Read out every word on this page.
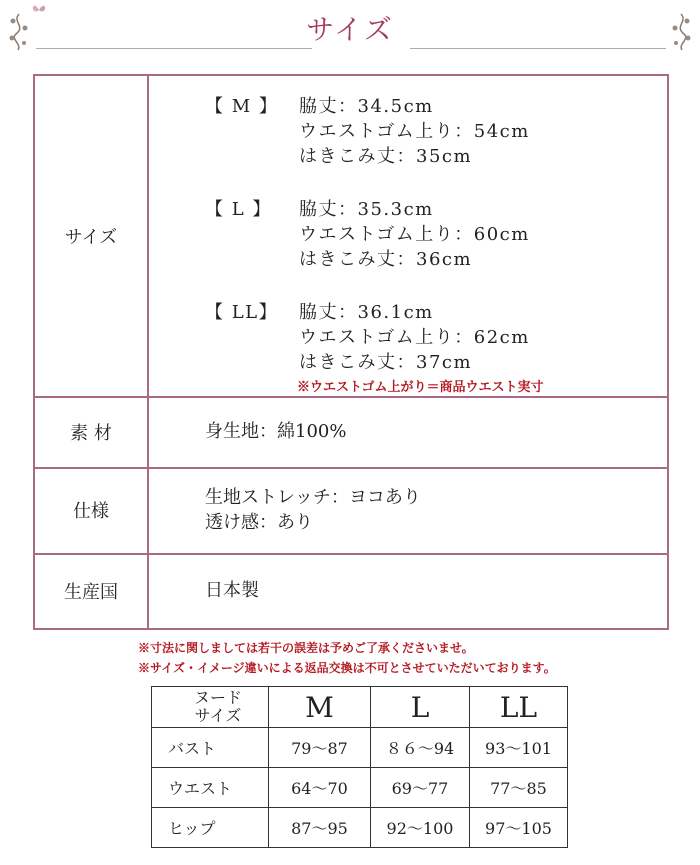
サイズ
サイズ
【 M 】	脇丈：34.5cm
ウエストゴム上り：54cm
はきこみ丈：35cm
【 L 】	脇丈：35.3cm
ウエストゴム上り：60cm
はきこみ丈：36cm
【 LL】	脇丈：36.1cm
ウエストゴム上り：62cm
はきこみ丈：37cm
※ウエストゴム上がり＝商品ウエスト実寸
素 材	身生地：綿100%
仕様
生地ストレッチ：ヨコあり
透け感：あり
生産国	日本製
※寸法に関しましては若干の誤差は予めご了承くださいませ。
※サイズ・イメージ違いによる返品交換は不可とさせていただいております。
ヌード
サイズ	M	L	LL
バスト	79〜87	８６〜94	93〜101
ウエスト	64〜70	69〜77	77〜85
ヒップ	87〜95	92〜100	97〜105
